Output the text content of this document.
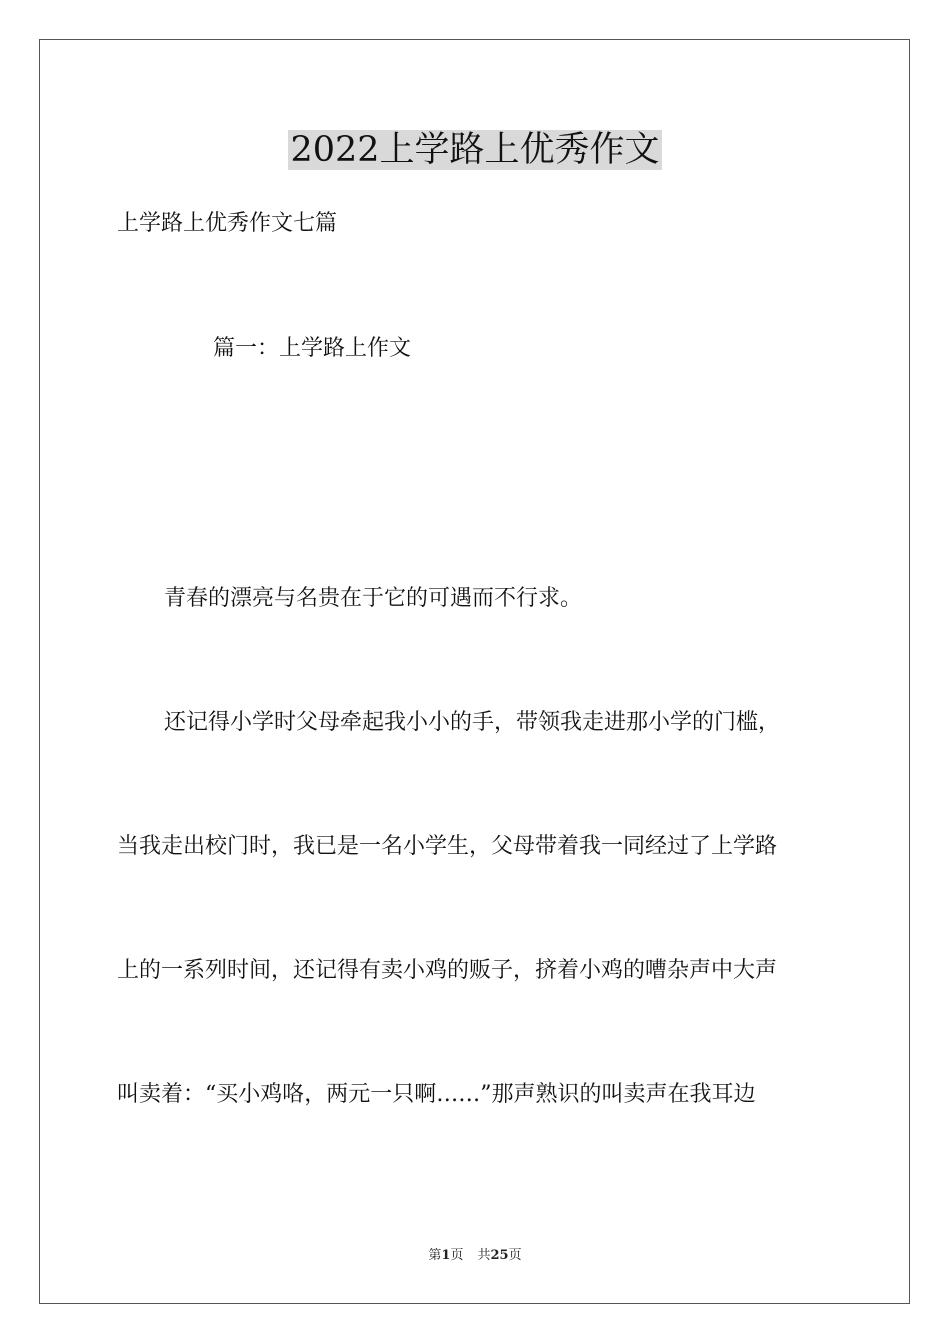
2022上学路上优秀作文

上学路上优秀作文七篇

篇一：上学路上作文

青春的漂亮与名贵在于它的可遇而不行求。

还记得小学时父母牵起我小小的手，带领我走进那小学的门槛，

当我走出校门时，我已是一名小学生，父母带着我一同经过了上学路

上的一系列时间，还记得有卖小鸡的贩子，挤着小鸡的嘈杂声中大声

叫卖着：“买小鸡咯，两元一只啊……”那声熟识的叫卖声在我耳边

第1页 共25页
